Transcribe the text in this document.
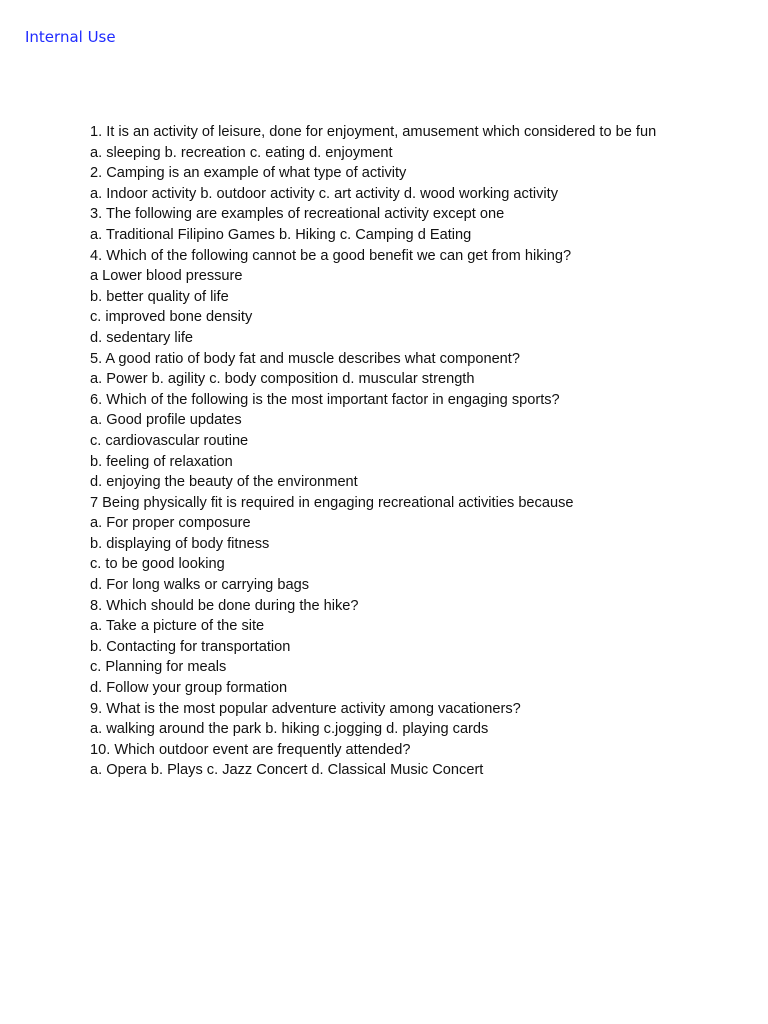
Internal Use
1. It is an activity of leisure, done for enjoyment, amusement which considered to be fun
a. sleeping b. recreation c. eating d. enjoyment
2. Camping is an example of what type of activity
a. Indoor activity b. outdoor activity c. art activity d. wood working activity
3. The following are examples of recreational activity except one
a. Traditional Filipino Games b. Hiking c. Camping d Eating
4. Which of the following cannot be a good benefit we can get from hiking?
a Lower blood pressure
b. better quality of life
c. improved bone density
d. sedentary life
5. A good ratio of body fat and muscle describes what component?
a. Power b. agility c. body composition d. muscular strength
6. Which of the following is the most important factor in engaging sports?
a. Good profile updates
c. cardiovascular routine
b. feeling of relaxation
d. enjoying the beauty of the environment
7 Being physically fit is required in engaging recreational activities because
a. For proper composure
b. displaying of body fitness
c. to be good looking
d. For long walks or carrying bags
8. Which should be done during the hike?
a. Take a picture of the site
b. Contacting for transportation
c. Planning for meals
d. Follow your group formation
9. What is the most popular adventure activity among vacationers?
a. walking around the park b. hiking c.jogging d. playing cards
10. Which outdoor event are frequently attended?
a. Opera b. Plays c. Jazz Concert d. Classical Music Concert
